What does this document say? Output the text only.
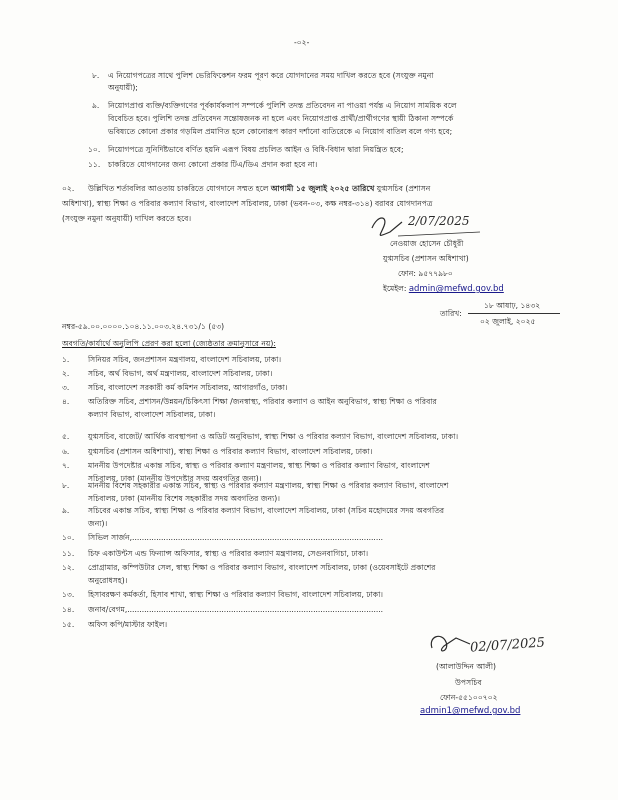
-০২-
৮. এ নিয়োগপত্রের সাথে পুলিশ ভেরিফিকেশন ফরম পূরণ করে যোগদানের সময় দাখিল করতে হবে (সংযুক্ত নমুনা
অনুযায়ী);
৯. নিয়োগপ্রাপ্ত ব্যক্তি/ব্যক্তিগণের পূর্বকার্যকলাপ সম্পর্কে পুলিশি তদন্ত প্রতিবেদন না পাওয়া পর্যন্ত এ নিয়োগ সাময়িক বলে
বিবেচিত হবে। পুলিশি তদন্ত প্রতিবেদন সন্তোষজনক না হলে এবং নিয়োগপ্রাপ্ত প্রার্থী/প্রার্থীগণের স্থায়ী ঠিকানা সম্পর্কে
ভবিষ্যতে কোনো প্রকার গড়মিল প্রমাণিত হলে কোনোরূপ কারণ দর্শানো ব্যতিরেকে এ নিয়োগ বাতিল বলে গণ্য হবে;
১০. নিয়োগপত্রে সুনির্দিষ্টভাবে বর্ণিত হয়নি এরূপ বিষয় প্রচলিত আইন ও বিধি-বিধান দ্বারা নিয়ন্ত্রিত হবে;
১১. চাকরিতে যোগদানের জন্য কোনো প্রকার টিএ/ডিএ প্রদান করা হবে না।
০২. উল্লিখিত শর্তাবলির আওতায় চাকরিতে যোগদানে সম্মত হলে আগামী ১৫ জুলাই ২০২৫ তারিখে যুগ্মসচিব (প্রশাসন
অধিশাখা), স্বাস্থ্য শিক্ষা ও পরিবার কল্যাণ বিভাগ, বাংলাদেশ সচিবালয়, ঢাকা (ভবন-০৩, কক্ষ নম্বর-৩১৪) বরাবর যোগদানপত্র
(সংযুক্ত নমুনা অনুযায়ী) দাখিল করতে হবে।	2/07/2025
নেওয়াজ হোসেন চৌধুরী
যুগ্মসচিব (প্রশাসন অধিশাখা)
ফোন: ৯৫৭৭৯৮০
ইমেইল: admin@mefwd.gov.bd
নম্বর-৫৯.০০.০০০০.১০৪.১১.০০৩.২৪.৭৩১/১ (৫৩)
১৮ আষাঢ়, ১৪৩২
তারিখ:
০২ জুলাই, ২০২৫
অবগতি/কার্যার্থে অনুলিপি প্রেরণ করা হলো (জ্যেষ্ঠতার ক্রমানুসারে নয়):
১. সিনিয়র সচিব, জনপ্রশাসন মন্ত্রণালয়, বাংলাদেশ সচিবালয়, ঢাকা।
২. সচিব, অর্থ বিভাগ, অর্থ মন্ত্রণালয়, বাংলাদেশ সচিবালয়, ঢাকা।
৩. সচিব, বাংলাদেশ সরকারী কর্ম কমিশন সচিবালয়, আগারগাঁও, ঢাকা।
৪. অতিরিক্ত সচিব, প্রশাসন/উন্নয়ন/চিকিৎসা শিক্ষা /জনস্বাস্থ্য, পরিবার কল্যাণ ও আইন অনুবিভাগ, স্বাস্থ্য শিক্ষা ও পরিবার
কল্যাণ বিভাগ, বাংলাদেশ সচিবালয়, ঢাকা।
৫. যুগ্মসচিব, বাজেট/ আর্থিক ব্যবস্থাপনা ও অডিট অনুবিভাগ, স্বাস্থ্য শিক্ষা ও পরিবার কল্যাণ বিভাগ, বাংলাদেশ সচিবালয়, ঢাকা।
৬. যুগ্মসচিব (প্রশাসন অধিশাখা), স্বাস্থ্য শিক্ষা ও পরিবার কল্যাণ বিভাগ, বাংলাদেশ সচিবালয়, ঢাকা।
৭. মাননীয় উপদেষ্টার একান্ত সচিব, স্বাস্থ্য ও পরিবার কল্যাণ মন্ত্রণালয়, স্বাস্থ্য শিক্ষা ও পরিবার কল্যাণ বিভাগ, বাংলাদেশ
সচিবালয়, ঢাকা (মাননীয় উপদেষ্টার সদয় অবগতির জন্য)।
৮. মাননীয় বিশেষ সহকারীর একান্ত সচিব, স্বাস্থ্য ও পরিবার কল্যাণ মন্ত্রণালয়, স্বাস্থ্য শিক্ষা ও পরিবার কল্যাণ বিভাগ, বাংলাদেশ
সচিবালয়, ঢাকা (মাননীয় বিশেষ সহকারীর সদয় অবগতির জন্য)।
৯. সচিবের একান্ত সচিব, স্বাস্থ্য শিক্ষা ও পরিবার কল্যাণ বিভাগ, বাংলাদেশ সচিবালয়, ঢাকা (সচিব মহোদয়ের সদয় অবগতির
জন্য)।
১০. সিভিল সার্জন,........................................................................................................
১১. চিফ একাউন্টস এন্ড ফিন্যান্স অফিসার, স্বাস্থ্য ও পরিবার কল্যাণ মন্ত্রণালয়, সেগুনবাগিচা, ঢাকা।
১২. প্রোগ্রামার, কম্পিউটার সেল, স্বাস্থ্য শিক্ষা ও পরিবার কল্যাণ বিভাগ, বাংলাদেশ সচিবালয়, ঢাকা (ওয়েবসাইটে প্রকাশের
অনুরোধসহ)।
১৩. হিসাবরক্ষণ কর্মকর্তা, হিসাব শাখা, স্বাস্থ্য শিক্ষা ও পরিবার কল্যাণ বিভাগ, বাংলাদেশ সচিবালয়, ঢাকা।
১৪. জনাব/বেগম,..........................................................................................................
১৫. অফিস কপি/মাস্টার ফাইল।
02/07/2025
(আলাউদ্দিন আলী)
উপসচিব
ফোন-৫৫১০০৭০২
admin1@mefwd.gov.bd
